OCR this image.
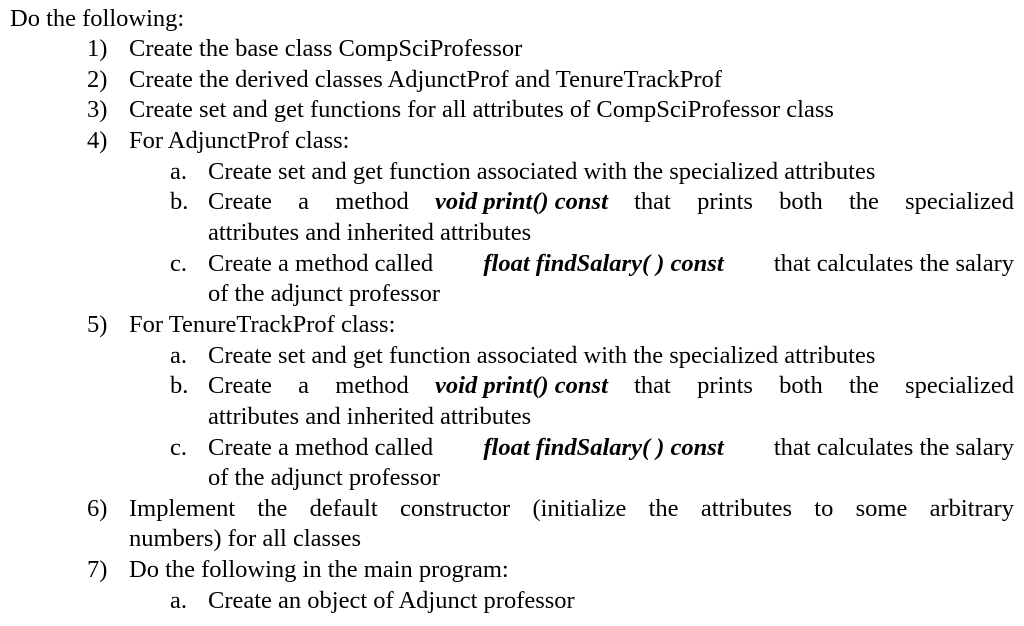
Do the following:
1) Create the base class CompSciProfessor
2) Create the derived classes AdjunctProf and TenureTrackProf
3) Create set and get functions for all attributes of CompSciProfessor class
4) For AdjunctProf class:
a. Create set and get function associated with the specialized attributes
b. Create a method void print() const that prints both the specialized
attributes and inherited attributes
c. Create a method called float findSalary( ) const that calculates the salary
of the adjunct professor
5) For TenureTrackProf class:
a. Create set and get function associated with the specialized attributes
b. Create a method void print() const that prints both the specialized
attributes and inherited attributes
c. Create a method called float findSalary( ) const that calculates the salary
of the adjunct professor
6) Implement the default constructor (initialize the attributes to some arbitrary
numbers) for all classes
7) Do the following in the main program:
a. Create an object of Adjunct professor
